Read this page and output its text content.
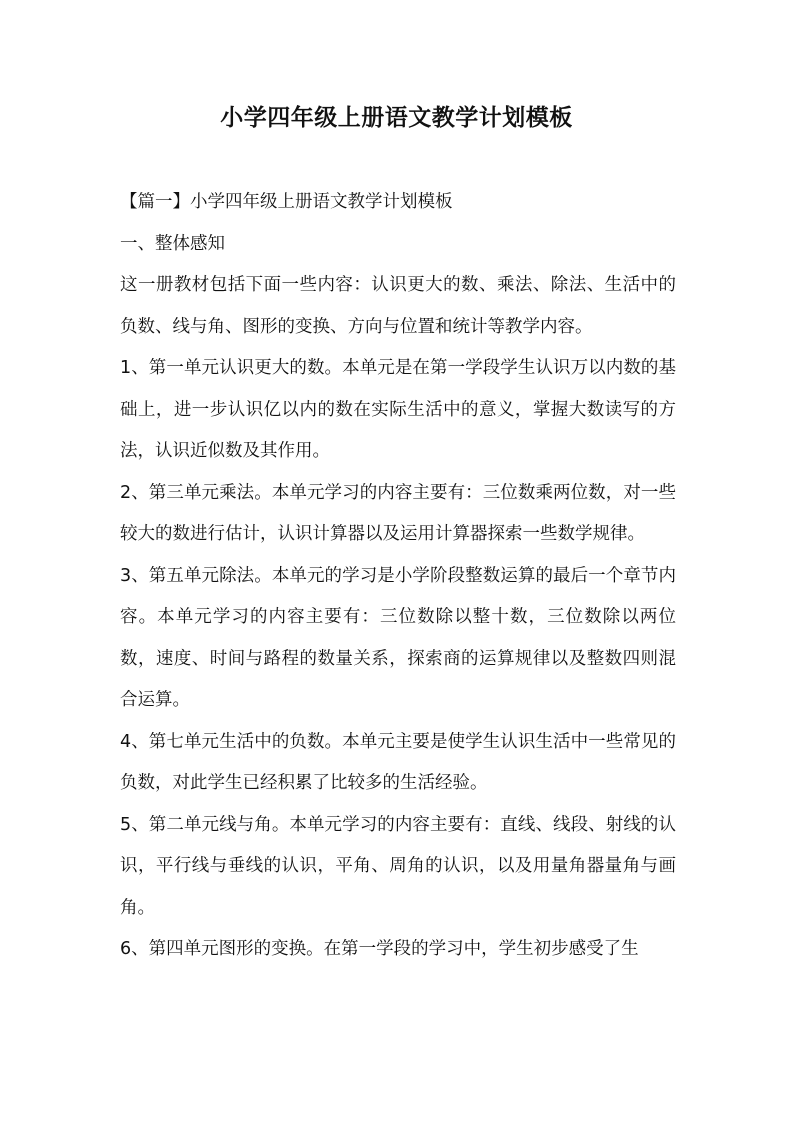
小学四年级上册语文教学计划模板

【篇一】小学四年级上册语文教学计划模板

一、整体感知

这一册教材包括下面一些内容：认识更大的数、乘法、除法、生活中的负数、线与角、图形的变换、方向与位置和统计等教学内容。

1、第一单元认识更大的数。本单元是在第一学段学生认识万以内数的基础上，进一步认识亿以内的数在实际生活中的意义，掌握大数读写的方法，认识近似数及其作用。

2、第三单元乘法。本单元学习的内容主要有：三位数乘两位数，对一些较大的数进行估计，认识计算器以及运用计算器探索一些数学规律。

3、第五单元除法。本单元的学习是小学阶段整数运算的最后一个章节内容。本单元学习的内容主要有：三位数除以整十数，三位数除以两位数，速度、时间与路程的数量关系，探索商的运算规律以及整数四则混合运算。

4、第七单元生活中的负数。本单元主要是使学生认识生活中一些常见的负数，对此学生已经积累了比较多的生活经验。

5、第二单元线与角。本单元学习的内容主要有：直线、线段、射线的认识，平行线与垂线的认识，平角、周角的认识，以及用量角器量角与画角。

6、第四单元图形的变换。在第一学段的学习中，学生初步感受了生
